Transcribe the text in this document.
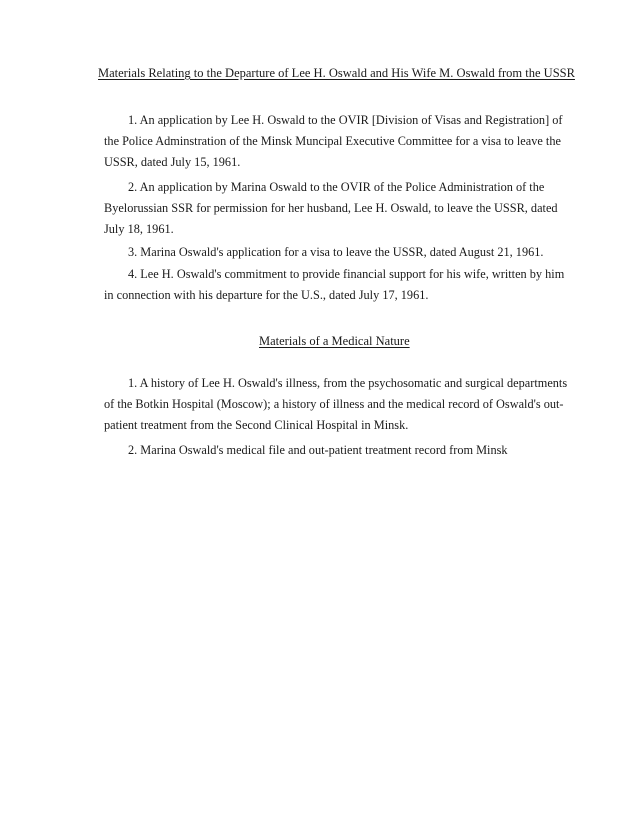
Materials Relating to the Departure of Lee H. Oswald and His Wife M. Oswald from the USSR

1. An application by Lee H. Oswald to the OVIR [Division of Visas and Registration] of the Police Adminstration of the Minsk Muncipal Executive Committee for a visa to leave the USSR, dated July 15, 1961.

2. An application by Marina Oswald to the OVIR of the Police Administration of the Byelorussian SSR for permission for her husband, Lee H. Oswald, to leave the USSR, dated July 18, 1961.

3. Marina Oswald's application for a visa to leave the USSR, dated August 21, 1961.

4. Lee H. Oswald's commitment to provide financial support for his wife, written by him in connection with his departure for the U.S., dated July 17, 1961.

Materials of a Medical Nature

1. A history of Lee H. Oswald's illness, from the psychosomatic and surgical departments of the Botkin Hospital (Moscow); a history of illness and the medical record of Oswald's out-patient treatment from the Second Clinical Hospital in Minsk.

2. Marina Oswald's medical file and out-patient treatment record from Minsk
